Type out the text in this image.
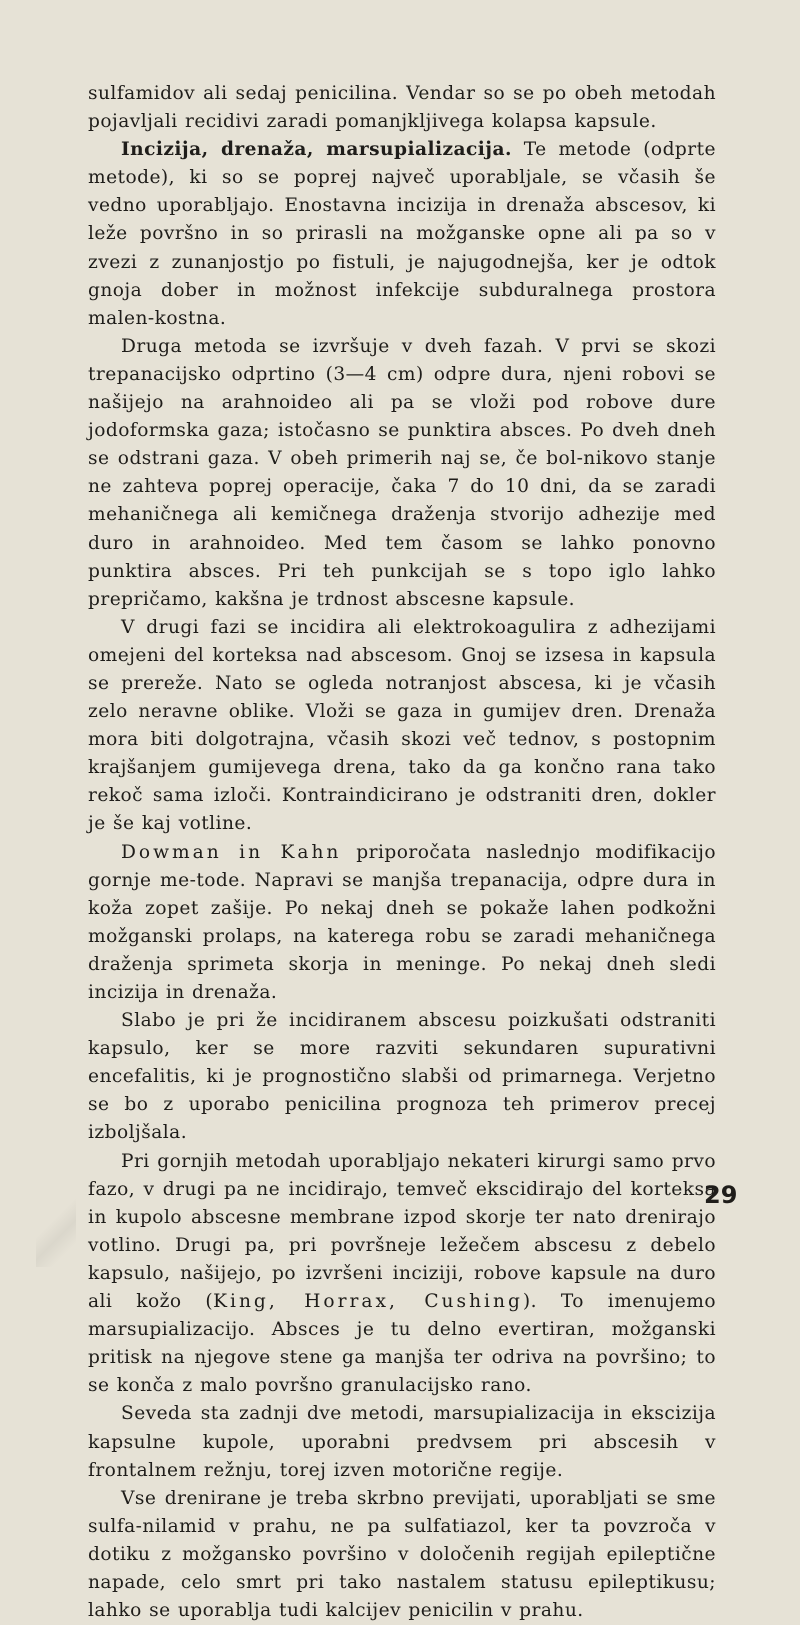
sulfamidov ali sedaj penicilina. Vendar so se po obeh metodah pojavljali recidivi zaradi pomanjkljivega kolapsa kapsule.

Incizija, drenaža, marsupializacija. Te metode (odprte metode), ki so se poprej največ uporabljale, se včasih še vedno uporabljajo. Enostavna incizija in drenaža abscesov, ki leže površno in so prirasli na možganske opne ali pa so v zvezi z zunanjostjo po fistuli, je najugodnejša, ker je odtok gnoja dober in možnost infekcije subduralnega prostora malen-kostna.

Druga metoda se izvršuje v dveh fazah. V prvi se skozi trepanacijsko odprtino (3—4 cm) odpre dura, njeni robovi se našijejo na arahnoideo ali pa se vloži pod robove dure jodoformska gaza; istočasno se punktira absces. Po dveh dneh se odstrani gaza. V obeh primerih naj se, če bol-nikovo stanje ne zahteva poprej operacije, čaka 7 do 10 dni, da se zaradi mehaničnega ali kemičnega draženja stvorijo adhezije med duro in arahnoideo. Med tem časom se lahko ponovno punktira absces. Pri teh punkcijah se s topo iglo lahko prepričamo, kakšna je trdnost abscesne kapsule.

V drugi fazi se incidira ali elektrokoagulira z adhezijami omejeni del korteksa nad abscesom. Gnoj se izsesa in kapsula se prereže. Nato se ogleda notranjost abscesa, ki je včasih zelo neravne oblike. Vloži se gaza in gumijev dren. Drenaža mora biti dolgotrajna, včasih skozi več tednov, s postopnim krajšanjem gumijevega drena, tako da ga končno rana tako rekoč sama izloči. Kontraindicirano je odstraniti dren, dokler je še kaj votline.

Dowman in Kahn priporočata naslednjo modifikacijo gornje me-tode. Napravi se manjša trepanacija, odpre dura in koža zopet zašije. Po nekaj dneh se pokaže lahen podkožni možganski prolaps, na katerega robu se zaradi mehaničnega draženja sprimeta skorja in meninge. Po nekaj dneh sledi incizija in drenaža.

Slabo je pri že incidiranem abscesu poizkušati odstraniti kapsulo, ker se more razviti sekundaren supurativni encefalitis, ki je prognostično slabši od primarnega. Verjetno se bo z uporabo penicilina prognoza teh primerov precej izboljšala.

Pri gornjih metodah uporabljajo nekateri kirurgi samo prvo fazo, v drugi pa ne incidirajo, temveč ekscidirajo del korteksa in kupolo abscesne membrane izpod skorje ter nato drenirajo votlino. Drugi pa, pri površneje ležečem abscesu z debelo kapsulo, našijejo, po izvršeni inciziji, robove kapsule na duro ali kožo (King, Horrax, Cushing). To imenujemo marsupializacijo. Absces je tu delno evertiran, možganski pritisk na njegove stene ga manjša ter odriva na površino; to se konča z malo površno granulacijsko rano.

Seveda sta zadnji dve metodi, marsupializacija in ekscizija kapsulne kupole, uporabni predvsem pri abscesih v frontalnem režnju, torej izven motorične regije.

Vse drenirane je treba skrbno previjati, uporabljati se sme sulfa-nilamid v prahu, ne pa sulfatiazol, ker ta povzroča v dotiku z možgansko površino v določenih regijah epileptične napade, celo smrt pri tako nastalem statusu epileptikusu; lahko se uporablja tudi kalcijev penicilin v prahu.

29
